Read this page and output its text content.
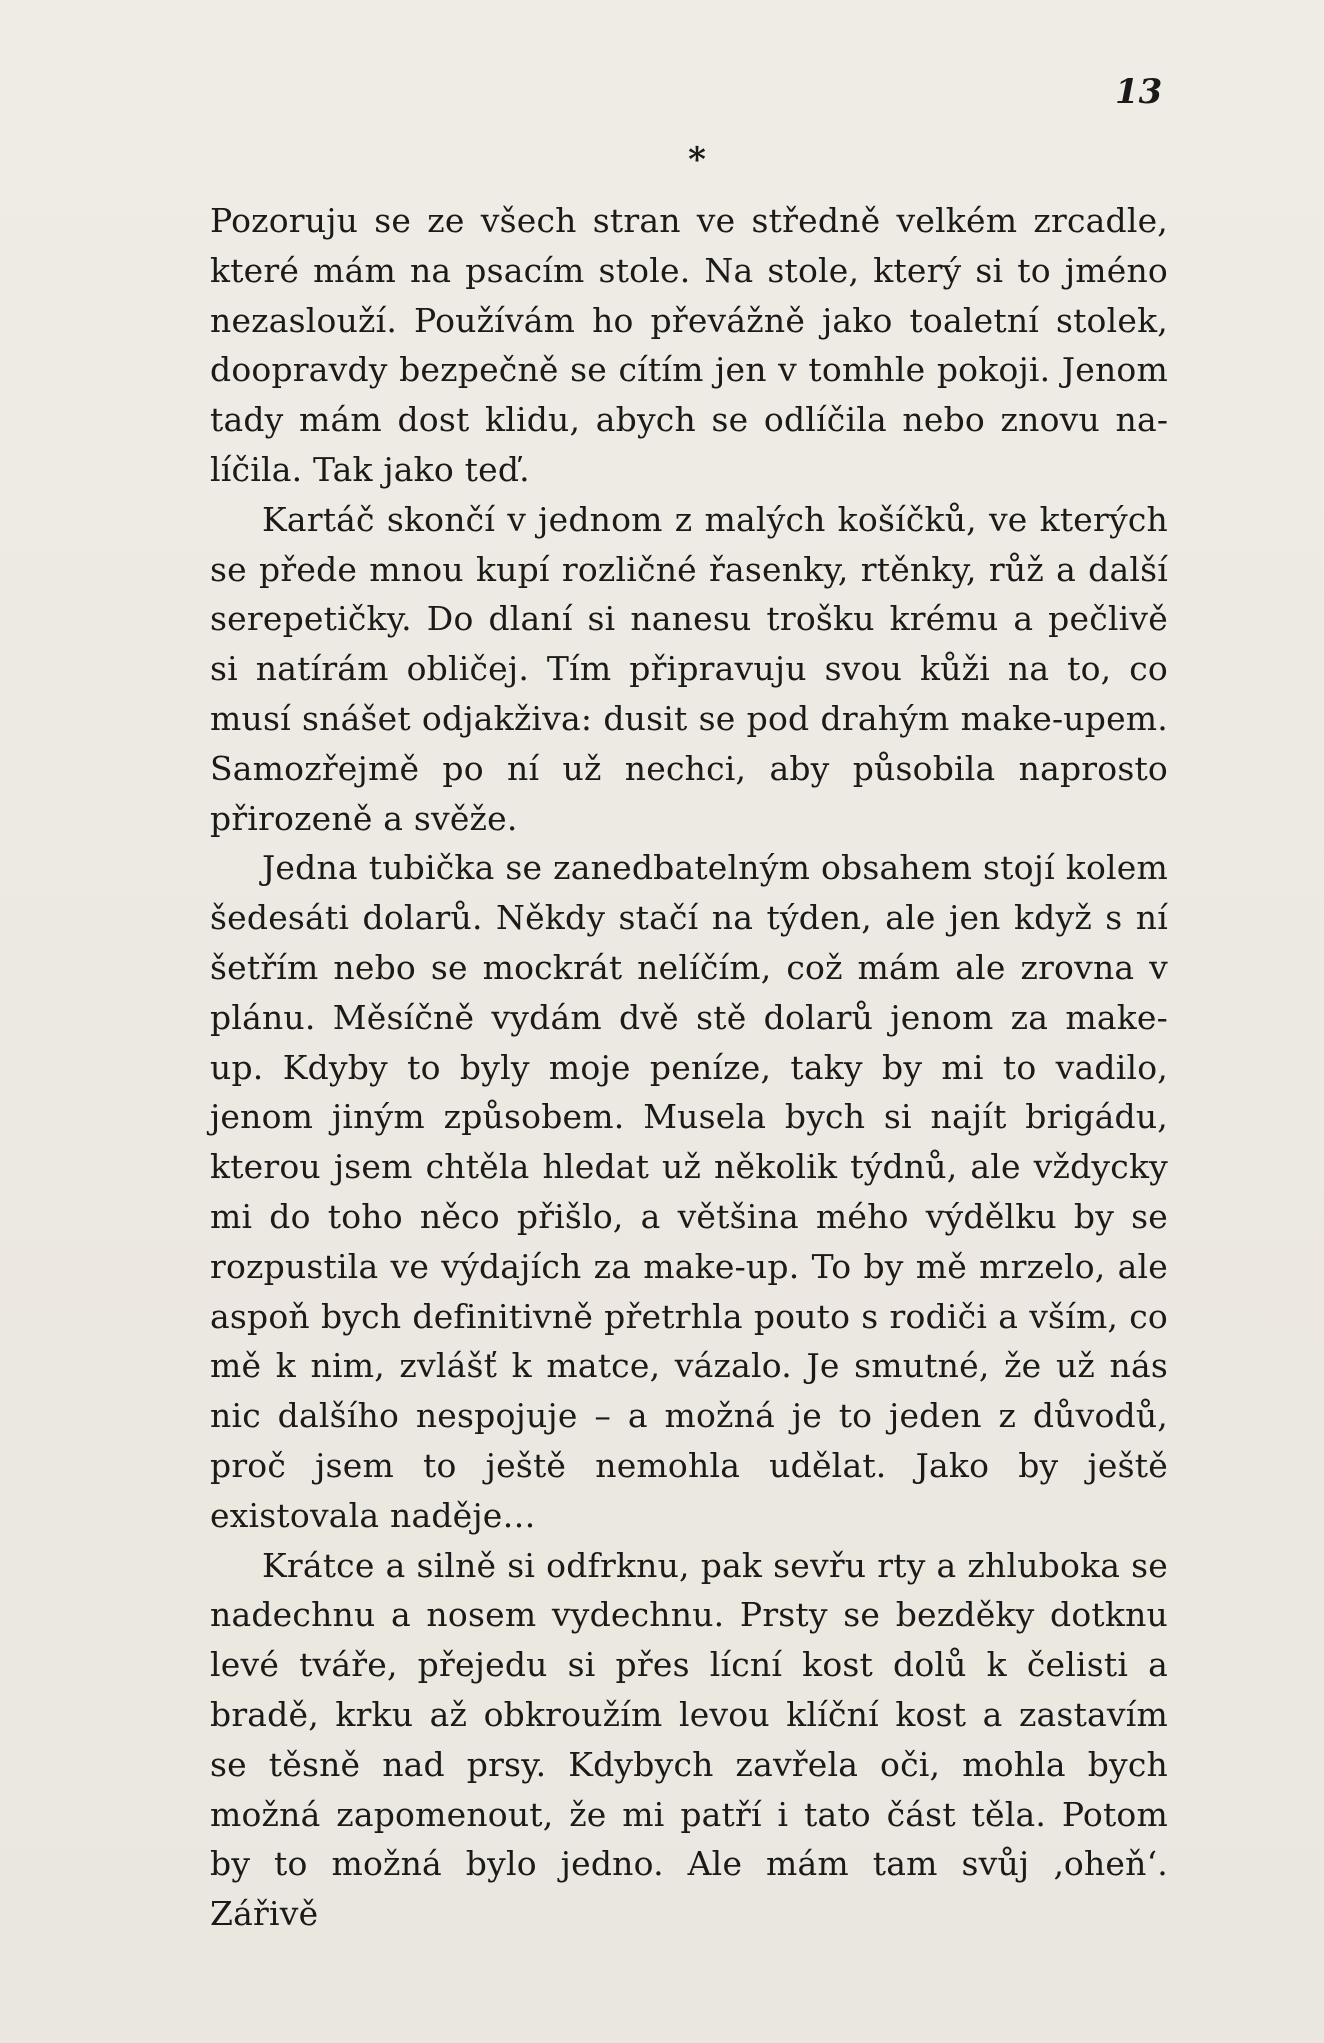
13
*

Pozoruju se ze všech stran ve středně velkém zrcadle, které mám na psacím stole. Na stole, který si to jméno nezaslouží. Používám ho převážně jako toaletní stolek, doopravdy bezpečně se cítím jen v tomhle pokoji. Jenom tady mám dost klidu, abych se odlíčila nebo znovu nalíčila. Tak jako teď.

Kartáč skončí v jednom z malých košíčků, ve kterých se přede mnou kupí rozličné řasenky, rtěnky, růž a další serepetičky. Do dlaní si nanesu trošku krému a pečlivě si natírám obličej. Tím připravuju svou kůži na to, co musí snášet odjakživa: dusit se pod drahým make-upem. Samozřejmě po ní už nechci, aby působila naprosto přirozeně a svěže.

Jedna tubička se zanedbatelným obsahem stojí kolem šedesáti dolarů. Někdy stačí na týden, ale jen když s ní šetřím nebo se mockrát nelíčím, což mám ale zrovna v plánu. Měsíčně vydám dvě stě dolarů jenom za make-up. Kdyby to byly moje peníze, taky by mi to vadilo, jenom jiným způsobem. Musela bych si najít brigádu, kterou jsem chtěla hledat už několik týdnů, ale vždycky mi do toho něco přišlo, a většina mého výdělku by se rozpustila ve výdajích za make-up. To by mě mrzelo, ale aspoň bych definitivně přetrhla pouto s rodiči a vším, co mě k nim, zvlášť k matce, vázalo. Je smutné, že už nás nic dalšího nespojuje – a možná je to jeden z důvodů, proč jsem to ještě nemohla udělat. Jako by ještě existovala naděje…

Krátce a silně si odfrknu, pak sevřu rty a zhluboka se nadechnu a nosem vydechnu. Prsty se bezděky dotknu levé tváře, přejedu si přes lícní kost dolů k čelisti a bradě, krku až obkroužím levou klíční kost a zastavím se těsně nad prsy. Kdybych zavřela oči, mohla bych možná zapomenout, že mi patří i tato část těla. Potom by to možná bylo jedno. Ale mám tam svůj ‚oheň‘. Zářivě
